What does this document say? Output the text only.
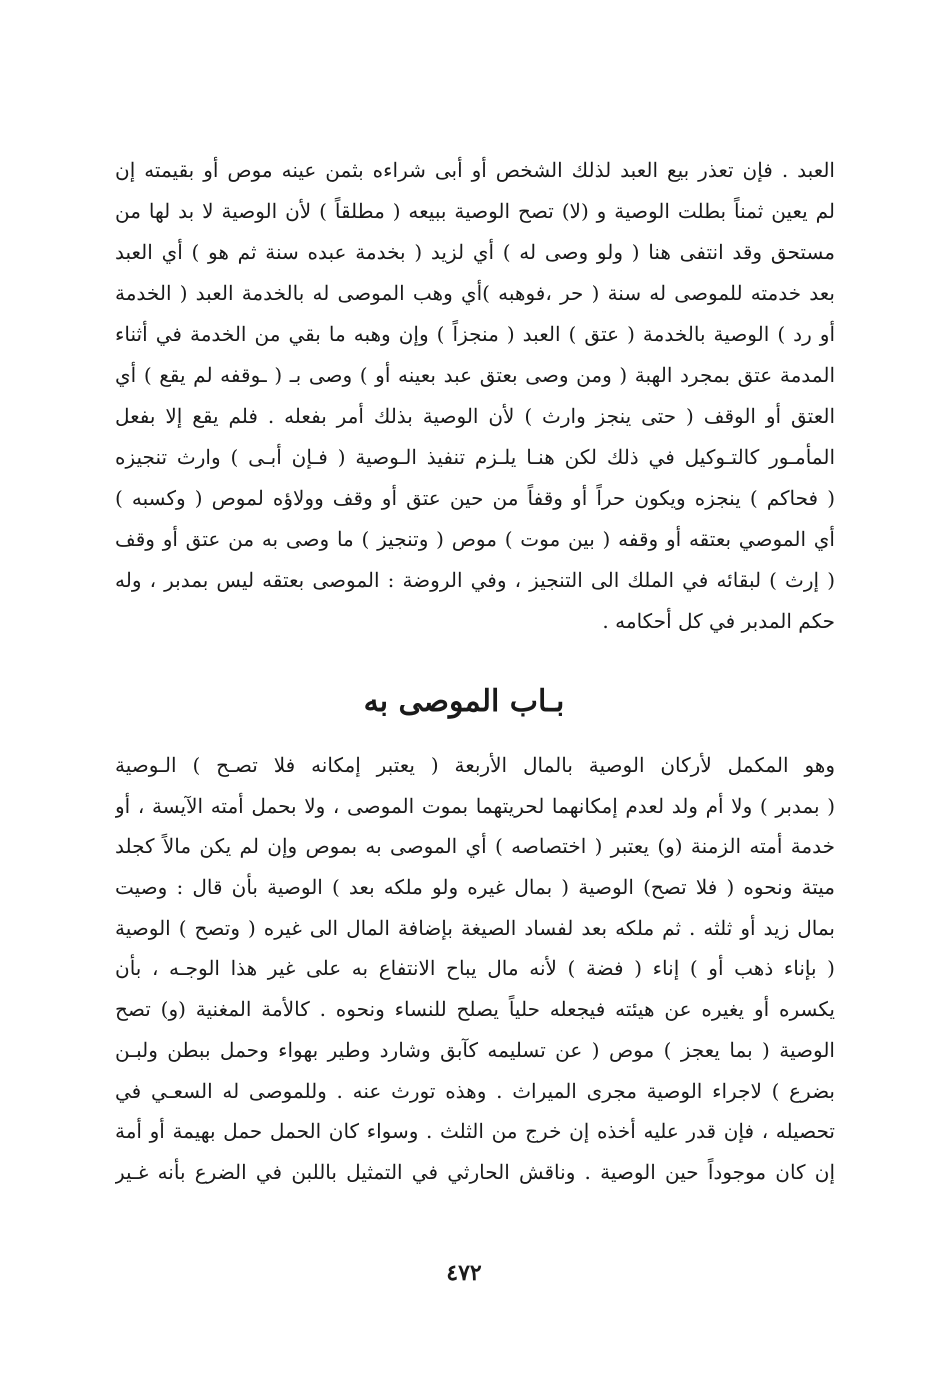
العبد . فإن تعذر بيع العبد لذلك الشخص أو أبى شراءه بثمن عينه موص أو بقيمته إن
لم يعين ثمناً بطلت الوصية و (لا) تصح الوصية ببيعه ( مطلقاً ) لأن الوصية لا بد لها من
مستحق وقد انتفى هنا ( ولو وصى له ) أي لزيد ( بخدمة عبده سنة ثم هو ) أي العبد
بعد خدمته للموصى له سنة ( حر ،فوهبه )أي وهب الموصى له بالخدمة العبد ( الخدمة
أو رد ) الوصية بالخدمة ( عتق ) العبد ( منجزاً ) وإن وهبه ما بقي من الخدمة في أثناء
المدمة عتق بمجرد الهبة ( ومن وصى بعتق عبد بعينه أو ) وصى بـ ( ـوقفه لم يقع ) أي
العتق أو الوقف ( حتى ينجز وارث ) لأن الوصية بذلك أمر بفعله . فلم يقع إلا بفعل
المأمـور كالتـوكيل في ذلك لكن هنـا يلـزم تنفيذ الـوصية ( فـإن أبـى ) وارث تنجيزه
( فحاكم ) ينجزه ويكون حراً أو وقفاً من حين عتق أو وقف وولاؤه لموص ( وكسبه )
أي الموصي بعتقه أو وقفه ( بين موت ) موص ( وتنجيز ) ما وصى به من عتق أو وقف
( إرث ) لبقائه في الملك الى التنجيز ، وفي الروضة : الموصى بعتقه ليس بمدبر ، وله
حكم المدبر في كل أحكامه .
بـاب الموصى به
وهو المكمل لأركان الوصية بالمال الأربعة ( يعتبر إمكانه فلا تصـح ) الـوصية
( بمدبر ) ولا أم ولد لعدم إمكانهما لحريتهما بموت الموصى ، ولا بحمل أمته الآيسة ، أو
خدمة أمته الزمنة (و) يعتبر ( اختصاصه ) أي الموصى به بموص وإن لم يكن مالاً كجلد
ميتة ونحوه ( فلا تصح) الوصية ( بمال غيره ولو ملكه بعد ) الوصية بأن قال : وصيت
بمال زيد أو ثلثه . ثم ملكه بعد لفساد الصيغة بإضافة المال الى غيره ( وتصح ) الوصية
( بإناء ذهب أو ) إناء ( فضة ) لأنه مال يباح الانتفاع به على غير هذا الوجـه ، بأن
يكسره أو يغيره عن هيئته فيجعله حلياً يصلح للنساء ونحوه . كالأمة المغنية (و) تصح
الوصية ( بما يعجز ) موص ( عن تسليمه كآبق وشارد وطير بهواء وحمل ببطن ولبـن
بضرع ) لاجراء الوصية مجرى الميراث . وهذه تورث عنه . وللموصى له السعـي في
تحصيله ، فإن قدر عليه أخذه إن خرج من الثلث . وسواء كان الحمل حمل بهيمة أو أمة
إن كان موجوداً حين الوصية . وناقش الحارثي في التمثيل باللبن في الضرع بأنه غـير
٤٧٢
